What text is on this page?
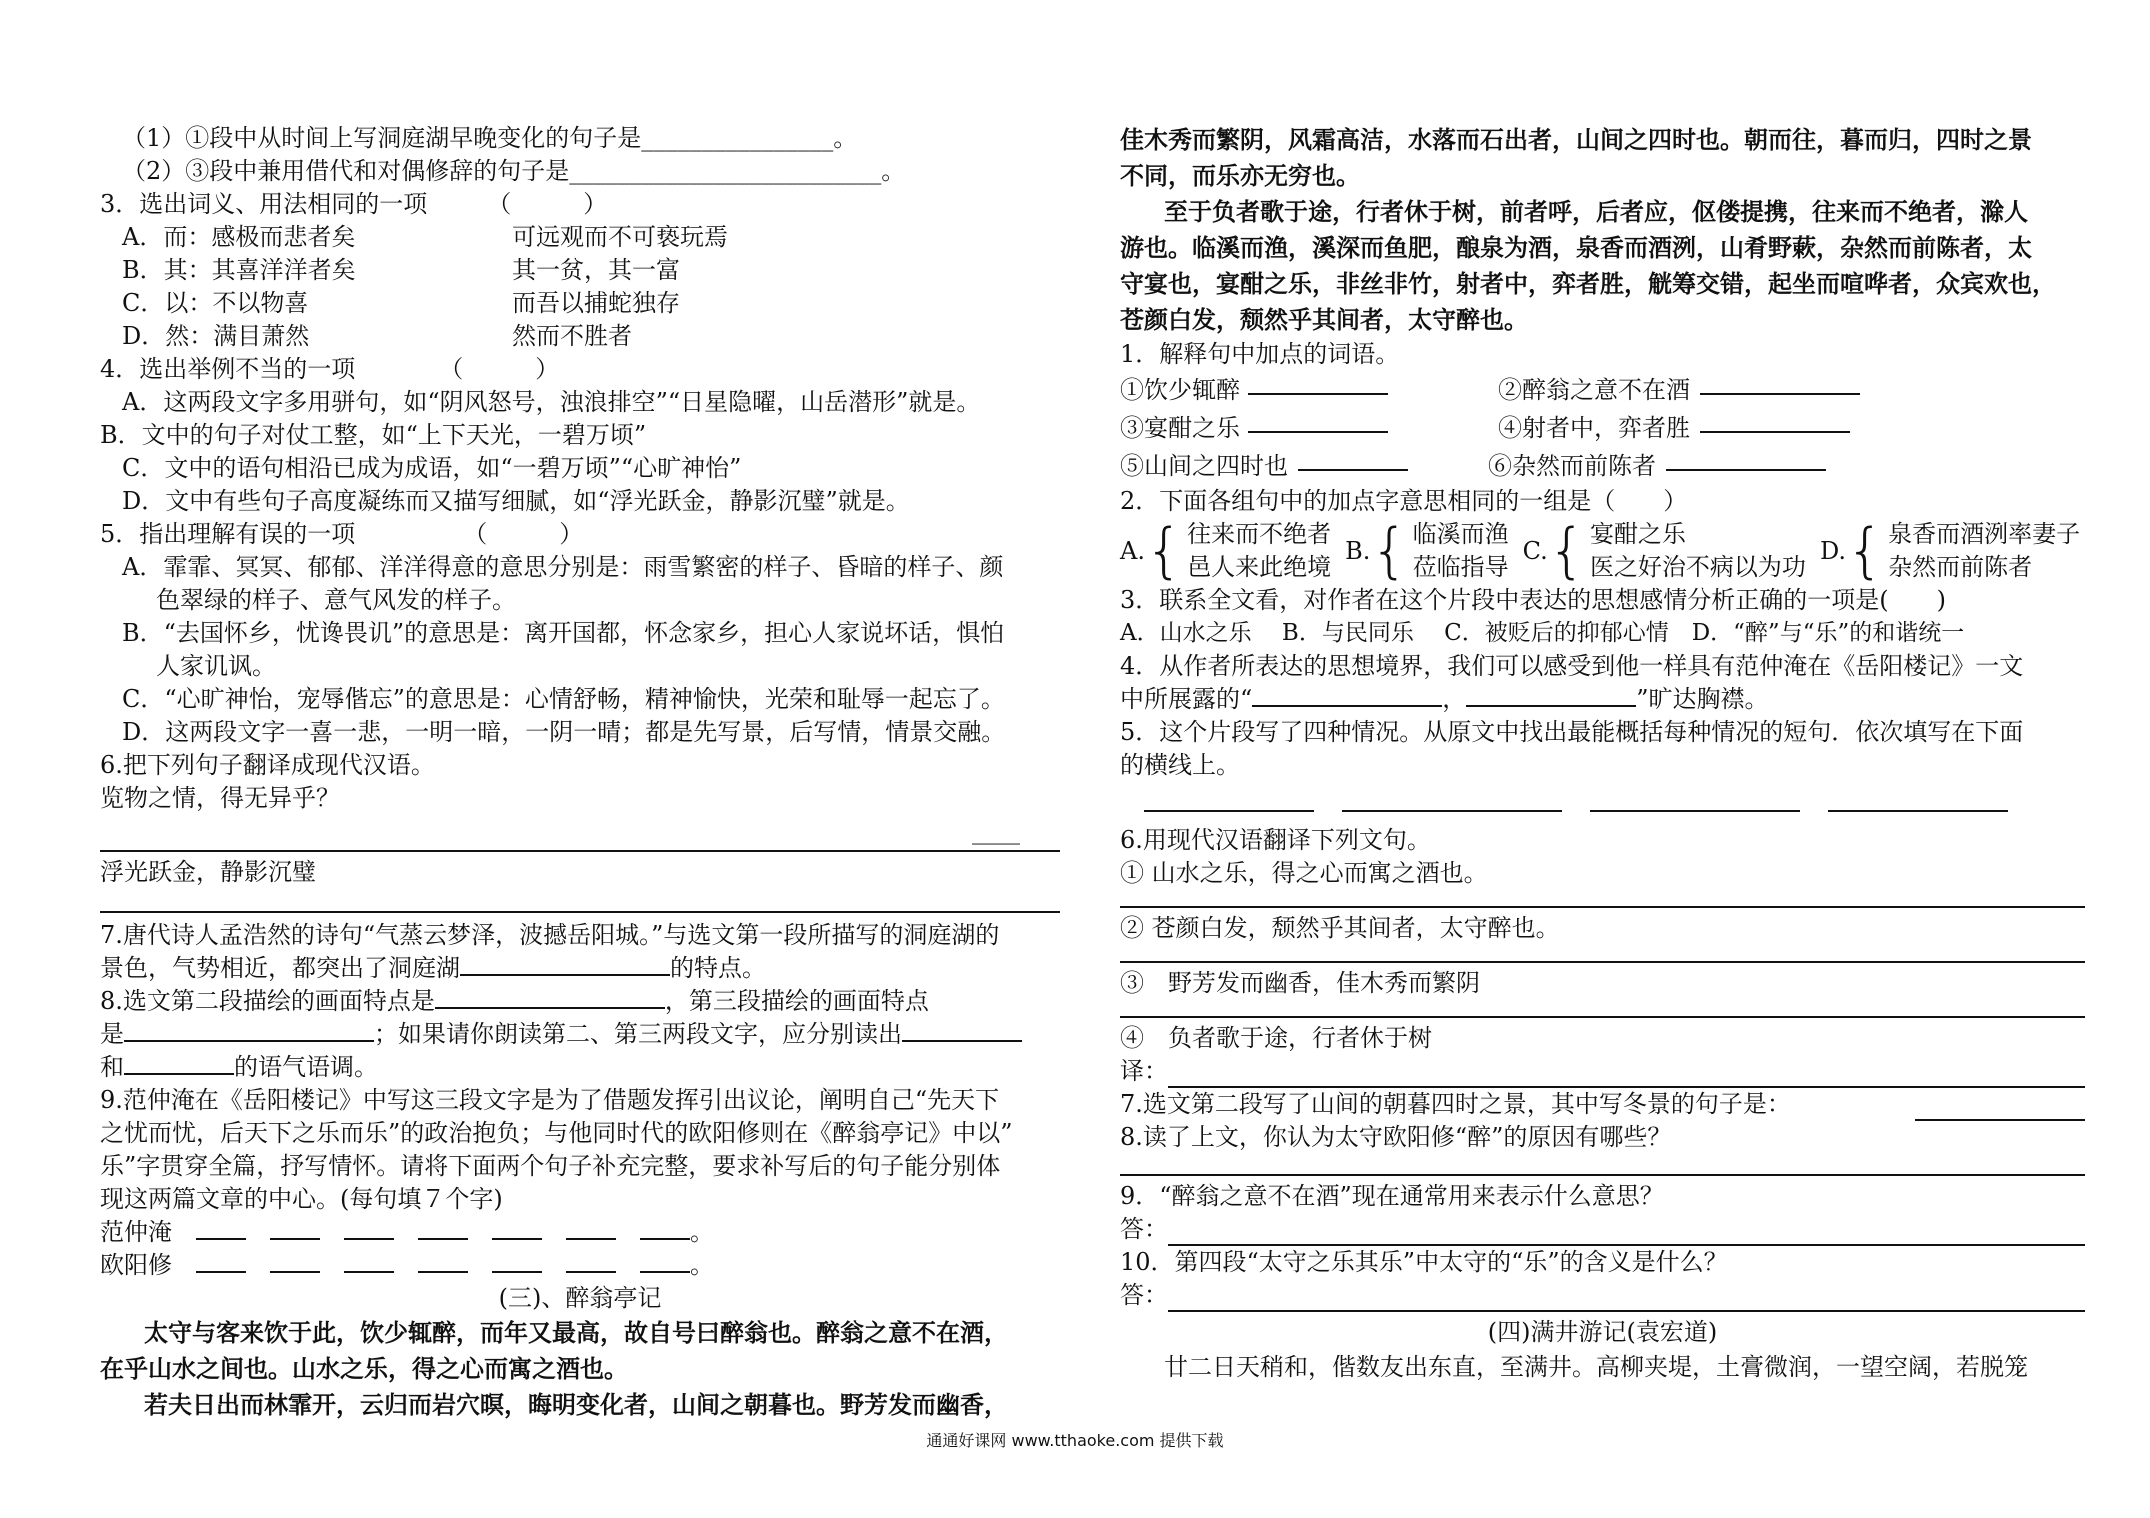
（1）①段中从时间上写洞庭湖早晚变化的句子是________________。
（2）③段中兼用借代和对偶修辞的句子是__________________________。
3．选出词义、用法相同的一项　　　（　　　）
A．而：感极而悲者矣	可远观而不可亵玩焉
B．其：其喜洋洋者矣	其一贫，其一富
C．以：不以物喜	而吾以捕蛇独存
D．然：满目萧然	然而不胜者
4．选出举例不当的一项　　　　（　　　）
A．这两段文字多用骈句，如“阴风怒号，浊浪排空”“日星隐曜，山岳潜形”就是。
B．文中的句子对仗工整，如“上下天光，一碧万顷”
C．文中的语句相沿已成为成语，如“一碧万顷”“心旷神怡”
D．文中有些句子高度凝练而又描写细腻，如“浮光跃金，静影沉璧”就是。
5．指出理解有误的一项　　　　　（　　　）
A．霏霏、冥冥、郁郁、洋洋得意的意思分别是：雨雪繁密的样子、昏暗的样子、颜
色翠绿的样子、意气风发的样子。
B．“去国怀乡，忧谗畏讥”的意思是：离开国都，怀念家乡，担心人家说坏话，惧怕
人家讥讽。
C．“心旷神怡，宠辱偕忘”的意思是：心情舒畅，精神愉快，光荣和耻辱一起忘了。
D．这两段文字一喜一悲，一明一暗，一阴一晴；都是先写景，后写情，情景交融。
6.把下列句子翻译成现代汉语。
览物之情，得无异乎？
____
浮光跃金，静影沉璧
7.唐代诗人孟浩然的诗句“气蒸云梦泽，波撼岳阳城。”与选文第一段所描写的洞庭湖的
景色，气势相近，都突出了洞庭湖	的特点。
8.选文第二段描绘的画面特点是	，第三段描绘的画面特点
是	；如果请你朗读第二、第三两段文字，应分别读出
和	的语气语调。
9.范仲淹在《岳阳楼记》中写这三段文字是为了借题发挥引出议论，阐明自己“先天下
之忧而忧，后天下之乐而乐”的政治抱负；与他同时代的欧阳修则在《醉翁亭记》中以”
乐”字贯穿全篇，抒写情怀。请将下面两个句子补充完整，要求补写后的句子能分别体
现这两篇文章的中心。(每句填７个字)
范仲淹	。
欧阳修	。
(三)、醉翁亭记
太守与客来饮于此，饮少辄醉，而年又最高，故自号曰醉翁也。醉翁之意不在酒，
在乎山水之间也。山水之乐，得之心而寓之酒也。
若夫日出而林霏开，云归而岩穴暝，晦明变化者，山间之朝暮也。野芳发而幽香，
佳木秀而繁阴，风霜高洁，水落而石出者，山间之四时也。朝而往，暮而归，四时之景
不同，而乐亦无穷也。
至于负者歌于途，行者休于树，前者呼，后者应，伛偻提携，往来而不绝者，滁人
游也。临溪而渔，溪深而鱼肥，酿泉为酒，泉香而酒洌，山肴野蔌，杂然而前陈者，太
守宴也，宴酣之乐，非丝非竹，射者中，弈者胜，觥筹交错，起坐而喧哗者，众宾欢也，
苍颜白发，颓然乎其间者，太守醉也。
1．解释句中加点的词语。
①饮少辄醉	②醉翁之意不在酒
③宴酣之乐	④射者中，弈者胜
⑤山间之四时也	⑥杂然而前陈者
2．下面各组句中的加点字意思相同的一组是（　　）
A. { 往来而不绝者
邑人来此绝境
B. { 临溪而渔
莅临指导
C. { 宴酣之乐
医之好治不病以为功
D. { 泉香而酒洌率妻子
杂然而前陈者
3．联系全文看，对作者在这个片段中表达的思想感情分析正确的一项是(　　)
A．山水之乐　 B．与民同乐　 C．被贬后的抑郁心情　D．“醉”与“乐”的和谐统一
4．从作者所表达的思想境界，我们可以感受到他一样具有范仲淹在《岳阳楼记》一文
中所展露的“	，	”旷达胸襟。
5．这个片段写了四种情况。从原文中找出最能概括每种情况的短句．依次填写在下面
的横线上。
6.用现代汉语翻译下列文句。
① 山水之乐，得之心而寓之酒也。
② 苍颜白发，颓然乎其间者，太守醉也。
③　野芳发而幽香，佳木秀而繁阴
④　负者歌于途，行者休于树
译：
7.选文第二段写了山间的朝暮四时之景，其中写冬景的句子是：
8.读了上文，你认为太守欧阳修“醉”的原因有哪些？
9．“醉翁之意不在酒”现在通常用来表示什么意思？
答：
10．第四段“太守之乐其乐”中太守的“乐”的含义是什么？
答：
(四)满井游记(袁宏道)
廿二日天稍和，偕数友出东直，至满井。高柳夹堤，土膏微润，一望空阔，若脱笼
通通好课网 www.tthaoke.com 提供下载
